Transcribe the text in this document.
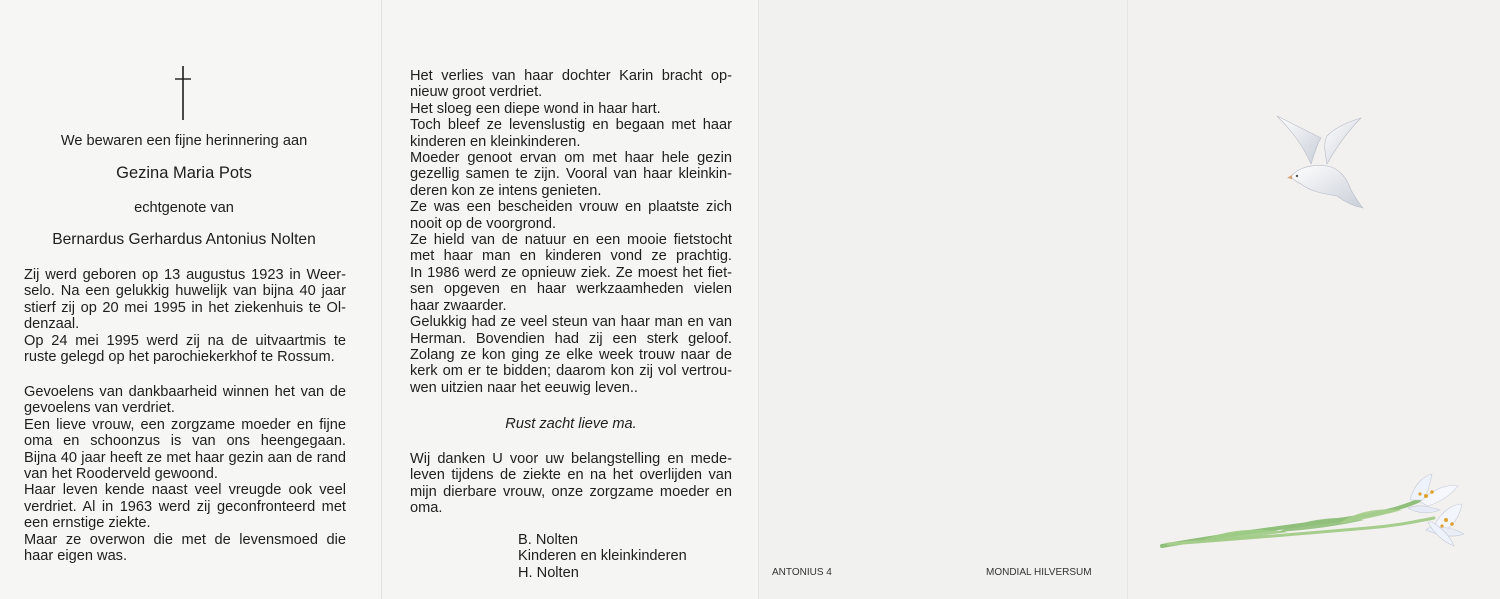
We bewaren een fijne herinnering aan
Gezina Maria Pots
echtgenote van
Bernardus Gerhardus Antonius Nolten
Zij werd geboren op 13 augustus 1923 in Weer-
selo. Na een gelukkig huwelijk van bijna 40 jaar
stierf zij op 20 mei 1995 in het ziekenhuis te Ol-
denzaal.
Op 24 mei 1995 werd zij na de uitvaartmis te
ruste gelegd op het parochiekerkhof te Rossum.
Gevoelens van dankbaarheid winnen het van de
gevoelens van verdriet.
Een lieve vrouw, een zorgzame moeder en fijne
oma en schoonzus is van ons heengegaan.
Bijna 40 jaar heeft ze met haar gezin aan de rand
van het Rooderveld gewoond.
Haar leven kende naast veel vreugde ook veel
verdriet. Al in 1963 werd zij geconfronteerd met
een ernstige ziekte.
Maar ze overwon die met de levensmoed die
haar eigen was.
Het verlies van haar dochter Karin bracht op-
nieuw groot verdriet.
Het sloeg een diepe wond in haar hart.
Toch bleef ze levenslustig en begaan met haar
kinderen en kleinkinderen.
Moeder genoot ervan om met haar hele gezin
gezellig samen te zijn. Vooral van haar kleinkin-
deren kon ze intens genieten.
Ze was een bescheiden vrouw en plaatste zich
nooit op de voorgrond.
Ze hield van de natuur en een mooie fietstocht
met haar man en kinderen vond ze prachtig.
In 1986 werd ze opnieuw ziek. Ze moest het fiet-
sen opgeven en haar werkzaamheden vielen
haar zwaarder.
Gelukkig had ze veel steun van haar man en van
Herman. Bovendien had zij een sterk geloof.
Zolang ze kon ging ze elke week trouw naar de
kerk om er te bidden; daarom kon zij vol vertrou-
wen uitzien naar het eeuwig leven..
Rust zacht lieve ma.
Wij danken U voor uw belangstelling en mede-
leven tijdens de ziekte en na het overlijden van
mijn dierbare vrouw, onze zorgzame moeder en
oma.
B. Nolten
Kinderen en kleinkinderen
H. Nolten	ANTONIUS 4	MONDIAL HILVERSUM
